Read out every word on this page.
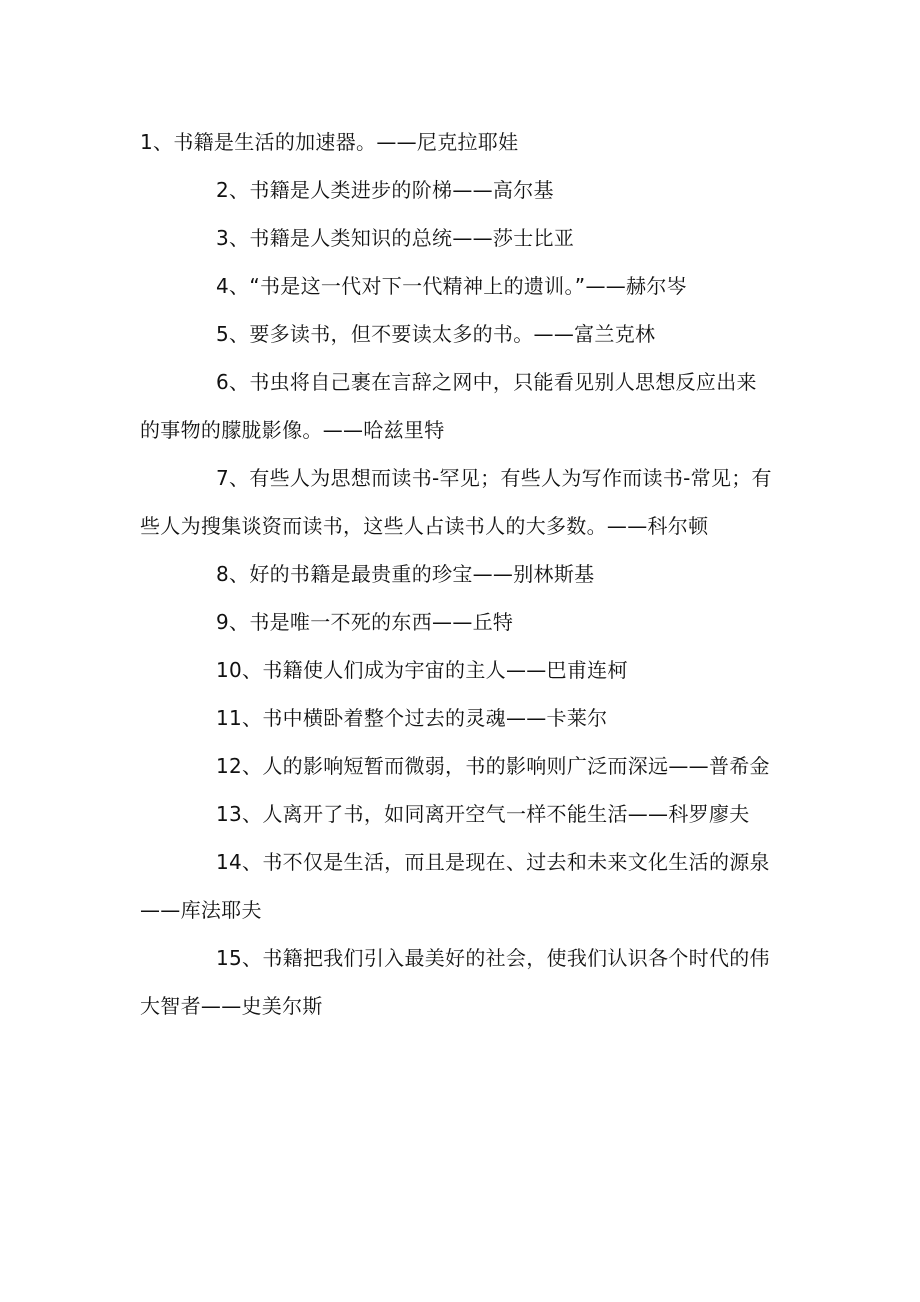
1、书籍是生活的加速器。——尼克拉耶娃

2、书籍是人类进步的阶梯——高尔基

3、书籍是人类知识的总统——莎士比亚

4、“书是这一代对下一代精神上的遗训。”——赫尔岑

5、要多读书，但不要读太多的书。——富兰克林

6、书虫将自己裹在言辞之网中，只能看见别人思想反应出来的事物的朦胧影像。——哈兹里特

7、有些人为思想而读书-罕见；有些人为写作而读书-常见；有些人为搜集谈资而读书，这些人占读书人的大多数。——科尔顿

8、好的书籍是最贵重的珍宝——别林斯基

9、书是唯一不死的东西——丘特

10、书籍使人们成为宇宙的主人——巴甫连柯

11、书中横卧着整个过去的灵魂——卡莱尔

12、人的影响短暂而微弱，书的影响则广泛而深远——普希金

13、人离开了书，如同离开空气一样不能生活——科罗廖夫

14、书不仅是生活，而且是现在、过去和未来文化生活的源泉——库法耶夫

15、书籍把我们引入最美好的社会，使我们认识各个时代的伟大智者——史美尔斯
